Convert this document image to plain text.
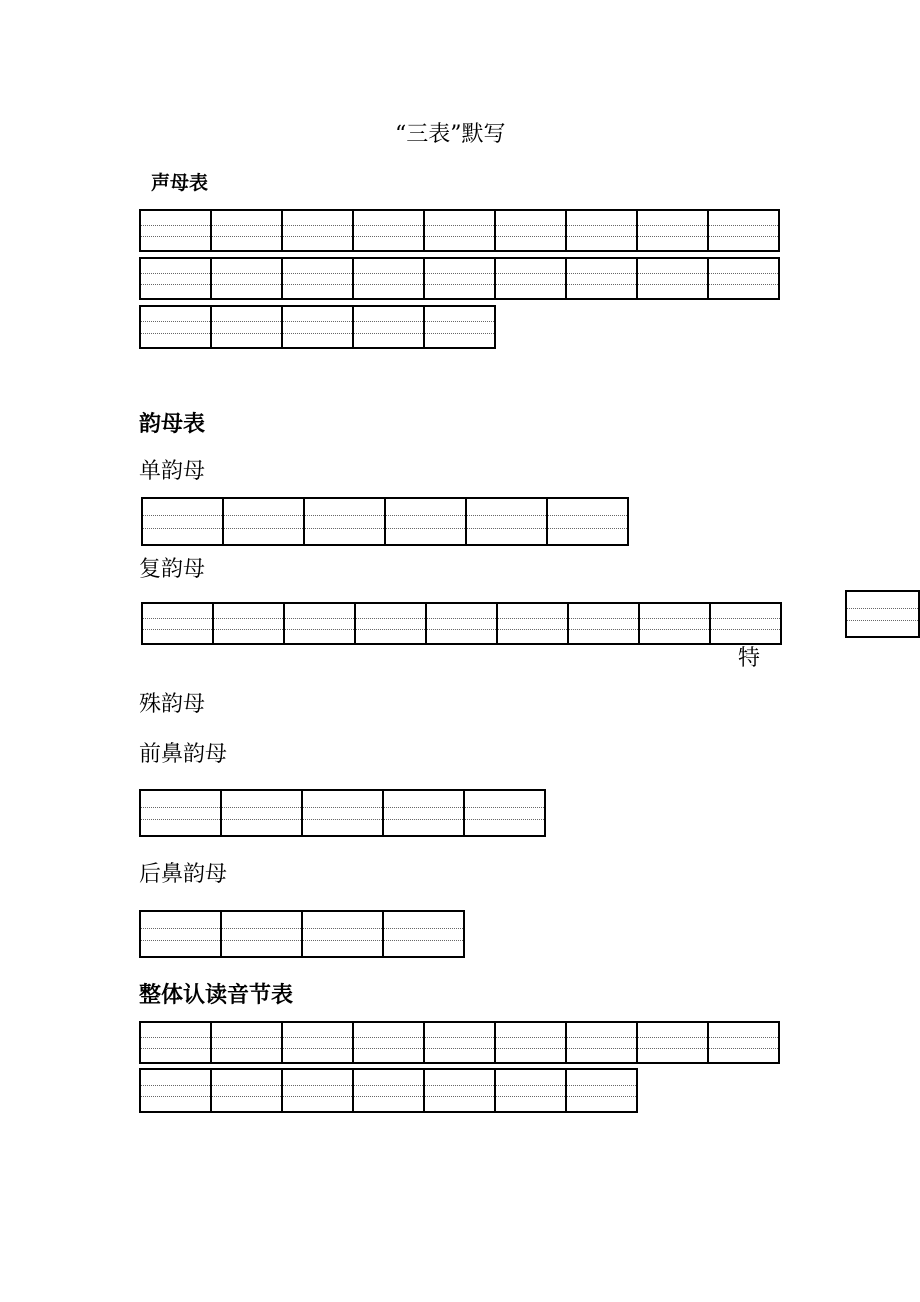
“三表”默写
声母表
韵母表
单韵母
复韵母
特
殊韵母
前鼻韵母
后鼻韵母
整体认读音节表
